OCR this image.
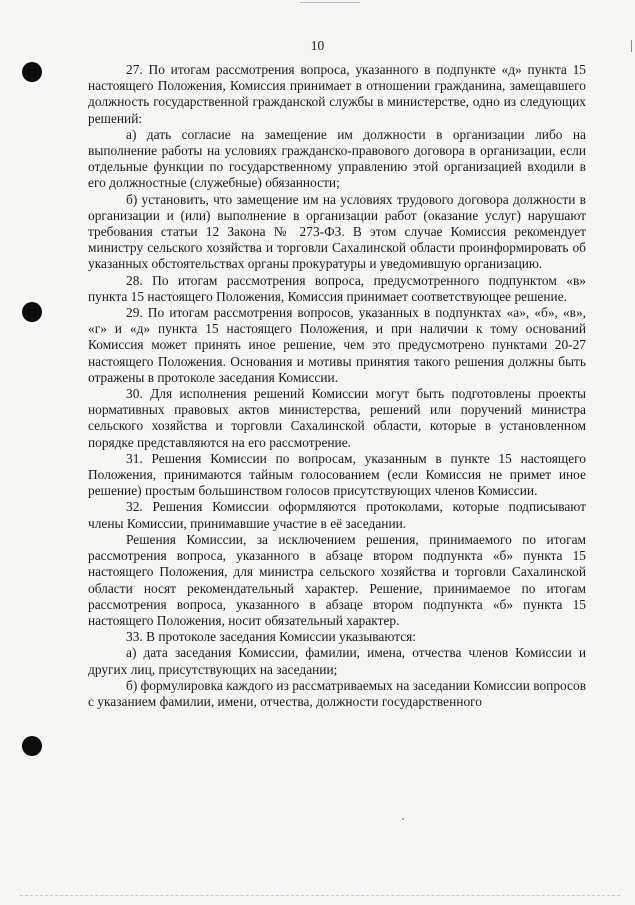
10

27. По итогам рассмотрения вопроса, указанного в подпункте «д» пункта 15 настоящего Положения, Комиссия принимает в отношении гражданина, замещавшего должность государственной гражданской службы в министерстве, одно из следующих решений:

а) дать согласие на замещение им должности в организации либо на выполнение работы на условиях гражданско-правового договора в организации, если отдельные функции по государственному управлению этой организацией входили в его должностные (служебные) обязанности;

б) установить, что замещение им на условиях трудового договора должности в организации и (или) выполнение в организации работ (оказание услуг) нарушают требования статьи 12 Закона № 273-ФЗ. В этом случае Комиссия рекомендует министру сельского хозяйства и торговли Сахалинской области проинформировать об указанных обстоятельствах органы прокуратуры и уведомившую организацию.

28. По итогам рассмотрения вопроса, предусмотренного подпунктом «в» пункта 15 настоящего Положения, Комиссия принимает соответствующее решение.

29. По итогам рассмотрения вопросов, указанных в подпунктах «а», «б», «в», «г» и «д» пункта 15 настоящего Положения, и при наличии к тому оснований Комиссия может принять иное решение, чем это предусмотрено пунктами 20-27 настоящего Положения. Основания и мотивы принятия такого решения должны быть отражены в протоколе заседания Комиссии.

30. Для исполнения решений Комиссии могут быть подготовлены проекты нормативных правовых актов министерства, решений или поручений министра сельского хозяйства и торговли Сахалинской области, которые в установленном порядке представляются на его рассмотрение.

31. Решения Комиссии по вопросам, указанным в пункте 15 настоящего Положения, принимаются тайным голосованием (если Комиссия не примет иное решение) простым большинством голосов присутствующих членов Комиссии.

32. Решения Комиссии оформляются протоколами, которые подписывают члены Комиссии, принимавшие участие в её заседании.

Решения Комиссии, за исключением решения, принимаемого по итогам рассмотрения вопроса, указанного в абзаце втором подпункта «б» пункта 15 настоящего Положения, для министра сельского хозяйства и торговли Сахалинской области носят рекомендательный характер. Решение, принимаемое по итогам рассмотрения вопроса, указанного в абзаце втором подпункта «б» пункта 15 настоящего Положения, носит обязательный характер.

33. В протоколе заседания Комиссии указываются:

а) дата заседания Комиссии, фамилии, имена, отчества членов Комиссии и других лиц, присутствующих на заседании;

б) формулировка каждого из рассматриваемых на заседании Комиссии вопросов с указанием фамилии, имени, отчества, должности государственного
